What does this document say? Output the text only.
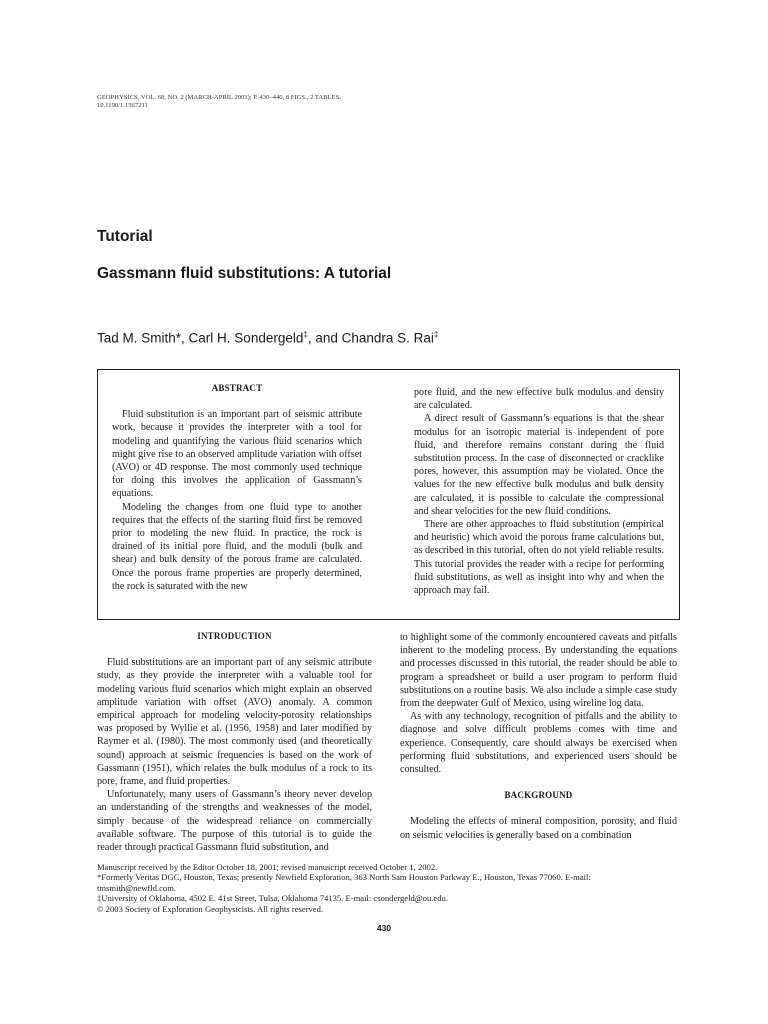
GEOPHYSICS, VOL. 68, NO. 2 (MARCH-APRIL 2003); P. 430–440, 8 FIGS., 2 TABLES.
10.1190/1.1567211
Tutorial
Gassmann fluid substitutions: A tutorial
Tad M. Smith*, Carl H. Sondergeld‡, and Chandra S. Rai‡
ABSTRACT

Fluid substitution is an important part of seismic attribute work, because it provides the interpreter with a tool for modeling and quantifying the various fluid scenarios which might give rise to an observed amplitude variation with offset (AVO) or 4D response. The most commonly used technique for doing this involves the application of Gassmann’s equations.

Modeling the changes from one fluid type to another requires that the effects of the starting fluid first be removed prior to modeling the new fluid. In practice, the rock is drained of its initial pore fluid, and the moduli (bulk and shear) and bulk density of the porous frame are calculated. Once the porous frame properties are properly determined, the rock is saturated with the new

pore fluid, and the new effective bulk modulus and density are calculated.

A direct result of Gassmann’s equations is that the shear modulus for an isotropic material is independent of pore fluid, and therefore remains constant during the fluid substitution process. In the case of disconnected or cracklike pores, however, this assumption may be violated. Once the values for the new effective bulk modulus and bulk density are calculated, it is possible to calculate the compressional and shear velocities for the new fluid conditions.

There are other approaches to fluid substitution (empirical and heuristic) which avoid the porous frame calculations but, as described in this tutorial, often do not yield reliable results. This tutorial provides the reader with a recipe for performing fluid substitutions, as well as insight into why and when the approach may fail.

INTRODUCTION

Fluid substitutions are an important part of any seismic attribute study, as they provide the interpreter with a valuable tool for modeling various fluid scenarios which might explain an observed amplitude variation with offset (AVO) anomaly. A common empirical approach for modeling velocity-porosity relationships was proposed by Wyllie et al. (1956, 1958) and later modified by Raymer et al. (1980). The most commonly used (and theoretically sound) approach at seismic frequencies is based on the work of Gassmann (1951), which relates the bulk modulus of a rock to its pore, frame, and fluid properties.

Unfortunately, many users of Gassmann’s theory never develop an understanding of the strengths and weaknesses of the model, simply because of the widespread reliance on commercially available software. The purpose of this tutorial is to guide the reader through practical Gassmann fluid substitution, and

to highlight some of the commonly encountered caveats and pitfalls inherent to the modeling process. By understanding the equations and processes discussed in this tutorial, the reader should be able to program a spreadsheet or build a user program to perform fluid substitutions on a routine basis. We also include a simple case study from the deepwater Gulf of Mexico, using wireline log data.

As with any technology, recognition of pitfalls and the ability to diagnose and solve difficult problems comes with time and experience. Consequently, care should always be exercised when performing fluid substitutions, and experienced users should be consulted.

BACKGROUND

Modeling the effects of mineral composition, porosity, and fluid on seismic velocities is generally based on a combination

Manuscript received by the Editor October 18, 2001; revised manuscript received October 1, 2002.
*Formerly Veritas DGC, Houston, Texas; presently Newfield Exploration, 363 North Sam Houston Parkway E., Houston, Texas 77060. E-mail:
tmsmith@newfld.com.
‡University of Oklahoma, 4502 E. 41st Street, Tulsa, Oklahoma 74135. E-mail: csondergeld@ou.edu.
© 2003 Society of Exploration Geophysicists. All rights reserved.
430
